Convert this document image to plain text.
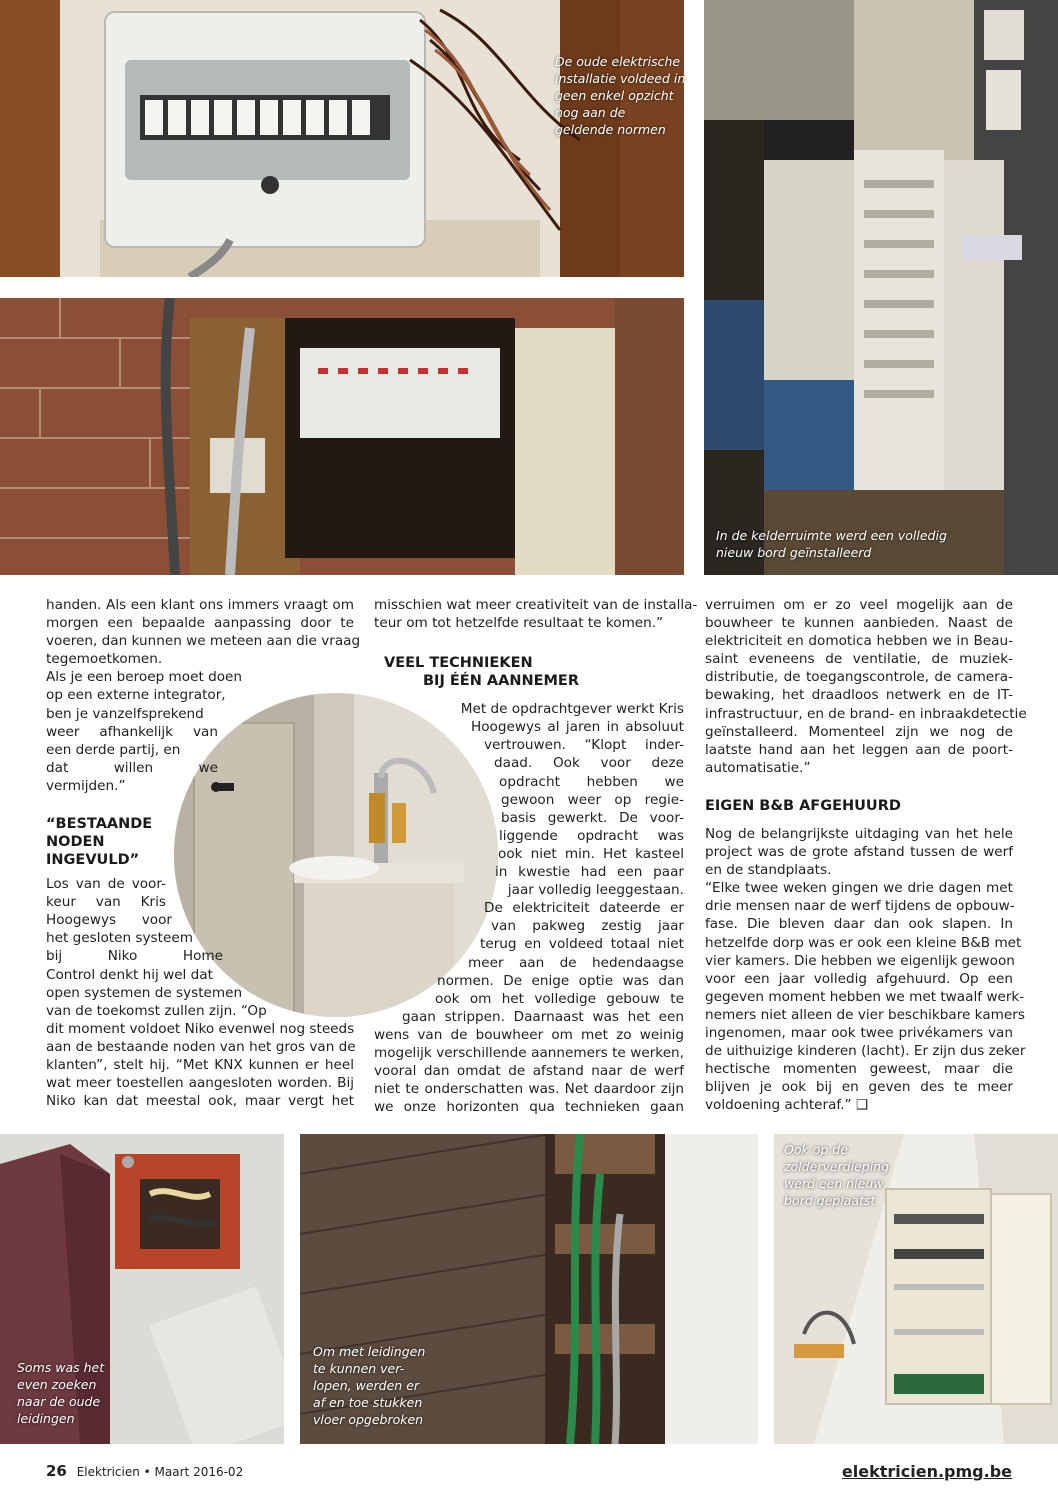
De oude elektrische
installatie voldeed in
geen enkel opzicht
nog aan de
geldende normen
In de kelderruimte werd een volledig
nieuw bord geïnstalleerd
Soms was het
even zoeken
naar de oude
leidingen
Om met leidingen
te kunnen ver-
lopen, werden er
af en toe stukken
vloer opgebroken
Ook op de
zolderverdieping
werd een nieuw
bord geplaatst
handen. Als een klant ons immers vraagt om
morgen een bepaalde aanpassing door te
voeren, dan kunnen we meteen aan die vraag
tegemoetkomen.
Als je een beroep moet doen
op een externe integrator,
ben je vanzelfsprekend
weer afhankelijk van
een derde partij, en
dat willen we
vermijden.”
“BESTAANDE
NODEN
INGEVULD”
Los van de voor-
keur van Kris
Hoogewys voor
het gesloten systeem
bij Niko Home
Control denkt hij wel dat
open systemen de systemen
van de toekomst zullen zijn. “Op
dit moment voldoet Niko evenwel nog steeds
aan de bestaande noden van het gros van de
klanten”, stelt hij. “Met KNX kunnen er heel
wat meer toestellen aangesloten worden. Bij
Niko kan dat meestal ook, maar vergt het
misschien wat meer creativiteit van de installa-
teur om tot hetzelfde resultaat te komen.”
VEEL TECHNIEKEN
BIJ ÉÉN AANNEMER
Met de opdrachtgever werkt Kris
Hoogewys al jaren in absoluut
vertrouwen. “Klopt inder-
daad. Ook voor deze
opdracht hebben we
gewoon weer op regie-
basis gewerkt. De voor-
liggende opdracht was
ook niet min. Het kasteel
in kwestie had een paar
jaar volledig leeggestaan.
De elektriciteit dateerde er
van pakweg zestig jaar
terug en voldeed totaal niet
meer aan de hedendaagse
normen. De enige optie was dan
ook om het volledige gebouw te
gaan strippen. Daarnaast was het een
wens van de bouwheer om met zo weinig
mogelijk verschillende aannemers te werken,
vooral dan omdat de afstand naar de werf
niet te onderschatten was. Net daardoor zijn
we onze horizonten qua technieken gaan
verruimen om er zo veel mogelijk aan de
bouwheer te kunnen aanbieden. Naast de
elektriciteit en domotica hebben we in Beau-
saint eveneens de ventilatie, de muziek-
distributie, de toegangscontrole, de camera-
bewaking, het draadloos netwerk en de IT-
infrastructuur, en de brand- en inbraakdetectie
geïnstalleerd. Momenteel zijn we nog de
laatste hand aan het leggen aan de poort-
automatisatie.”
EIGEN B&B AFGEHUURD
Nog de belangrijkste uitdaging van het hele
project was de grote afstand tussen de werf
en de standplaats.
“Elke twee weken gingen we drie dagen met
drie mensen naar de werf tijdens de opbouw-
fase. Die bleven daar dan ook slapen. In
hetzelfde dorp was er ook een kleine B&B met
vier kamers. Die hebben we eigenlijk gewoon
voor een jaar volledig afgehuurd. Op een
gegeven moment hebben we met twaalf werk-
nemers niet alleen de vier beschikbare kamers
ingenomen, maar ook twee privékamers van
de uithuizige kinderen (lacht). Er zijn dus zeker
hectische momenten geweest, maar die
blijven je ook bij en geven des te meer
voldoening achteraf.” ❑
26 Elektricien • Maart 2016-02	elektricien.pmg.be
